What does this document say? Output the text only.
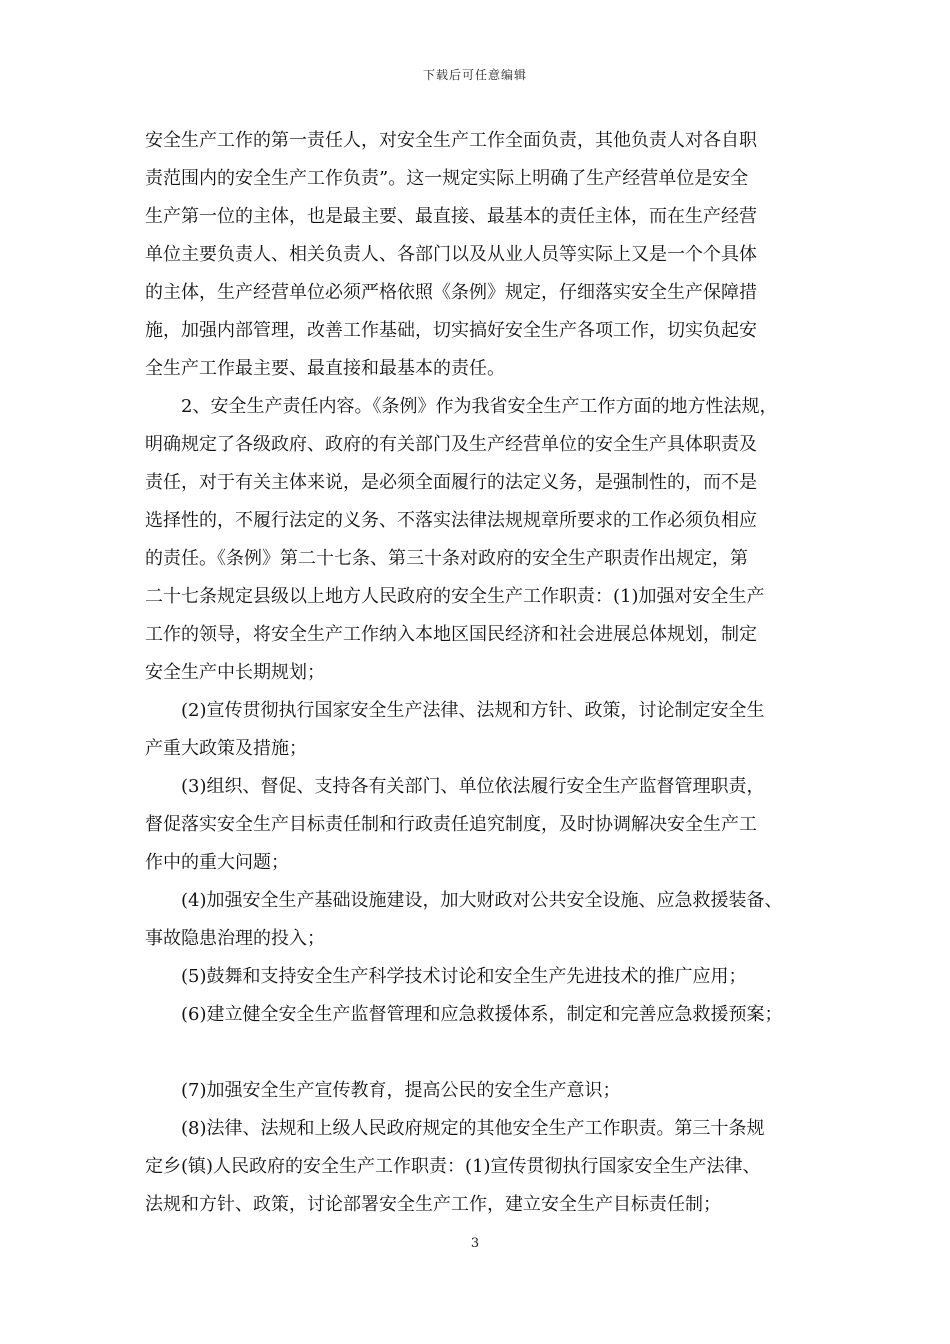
下载后可任意编辑
安全生产工作的第一责任人，对安全生产工作全面负责，其他负责人对各自职
责范围内的安全生产工作负责”。这一规定实际上明确了生产经营单位是安全
生产第一位的主体，也是最主要、最直接、最基本的责任主体，而在生产经营
单位主要负责人、相关负责人、各部门以及从业人员等实际上又是一个个具体
的主体，生产经营单位必须严格依照《条例》规定，仔细落实安全生产保障措
施，加强内部管理，改善工作基础，切实搞好安全生产各项工作，切实负起安
全生产工作最主要、最直接和最基本的责任。
　　2、安全生产责任内容。《条例》作为我省安全生产工作方面的地方性法规，
明确规定了各级政府、政府的有关部门及生产经营单位的安全生产具体职责及
责任，对于有关主体来说，是必须全面履行的法定义务，是强制性的，而不是
选择性的，不履行法定的义务、不落实法律法规规章所要求的工作必须负相应
的责任。《条例》第二十七条、第三十条对政府的安全生产职责作出规定，第
二十七条规定县级以上地方人民政府的安全生产工作职责：(1)加强对安全生产
工作的领导，将安全生产工作纳入本地区国民经济和社会进展总体规划，制定
安全生产中长期规划；
　　(2)宣传贯彻执行国家安全生产法律、法规和方针、政策，讨论制定安全生
产重大政策及措施；
　　(3)组织、督促、支持各有关部门、单位依法履行安全生产监督管理职责，
督促落实安全生产目标责任制和行政责任追究制度，及时协调解决安全生产工
作中的重大问题；
　　(4)加强安全生产基础设施建设，加大财政对公共安全设施、应急救援装备、
事故隐患治理的投入；
　　(5)鼓舞和支持安全生产科学技术讨论和安全生产先进技术的推广应用；
　　(6)建立健全安全生产监督管理和应急救援体系，制定和完善应急救援预案；
　　(7)加强安全生产宣传教育，提高公民的安全生产意识；
　　(8)法律、法规和上级人民政府规定的其他安全生产工作职责。第三十条规
定乡(镇)人民政府的安全生产工作职责：(1)宣传贯彻执行国家安全生产法律、
法规和方针、政策，讨论部署安全生产工作，建立安全生产目标责任制；
3
